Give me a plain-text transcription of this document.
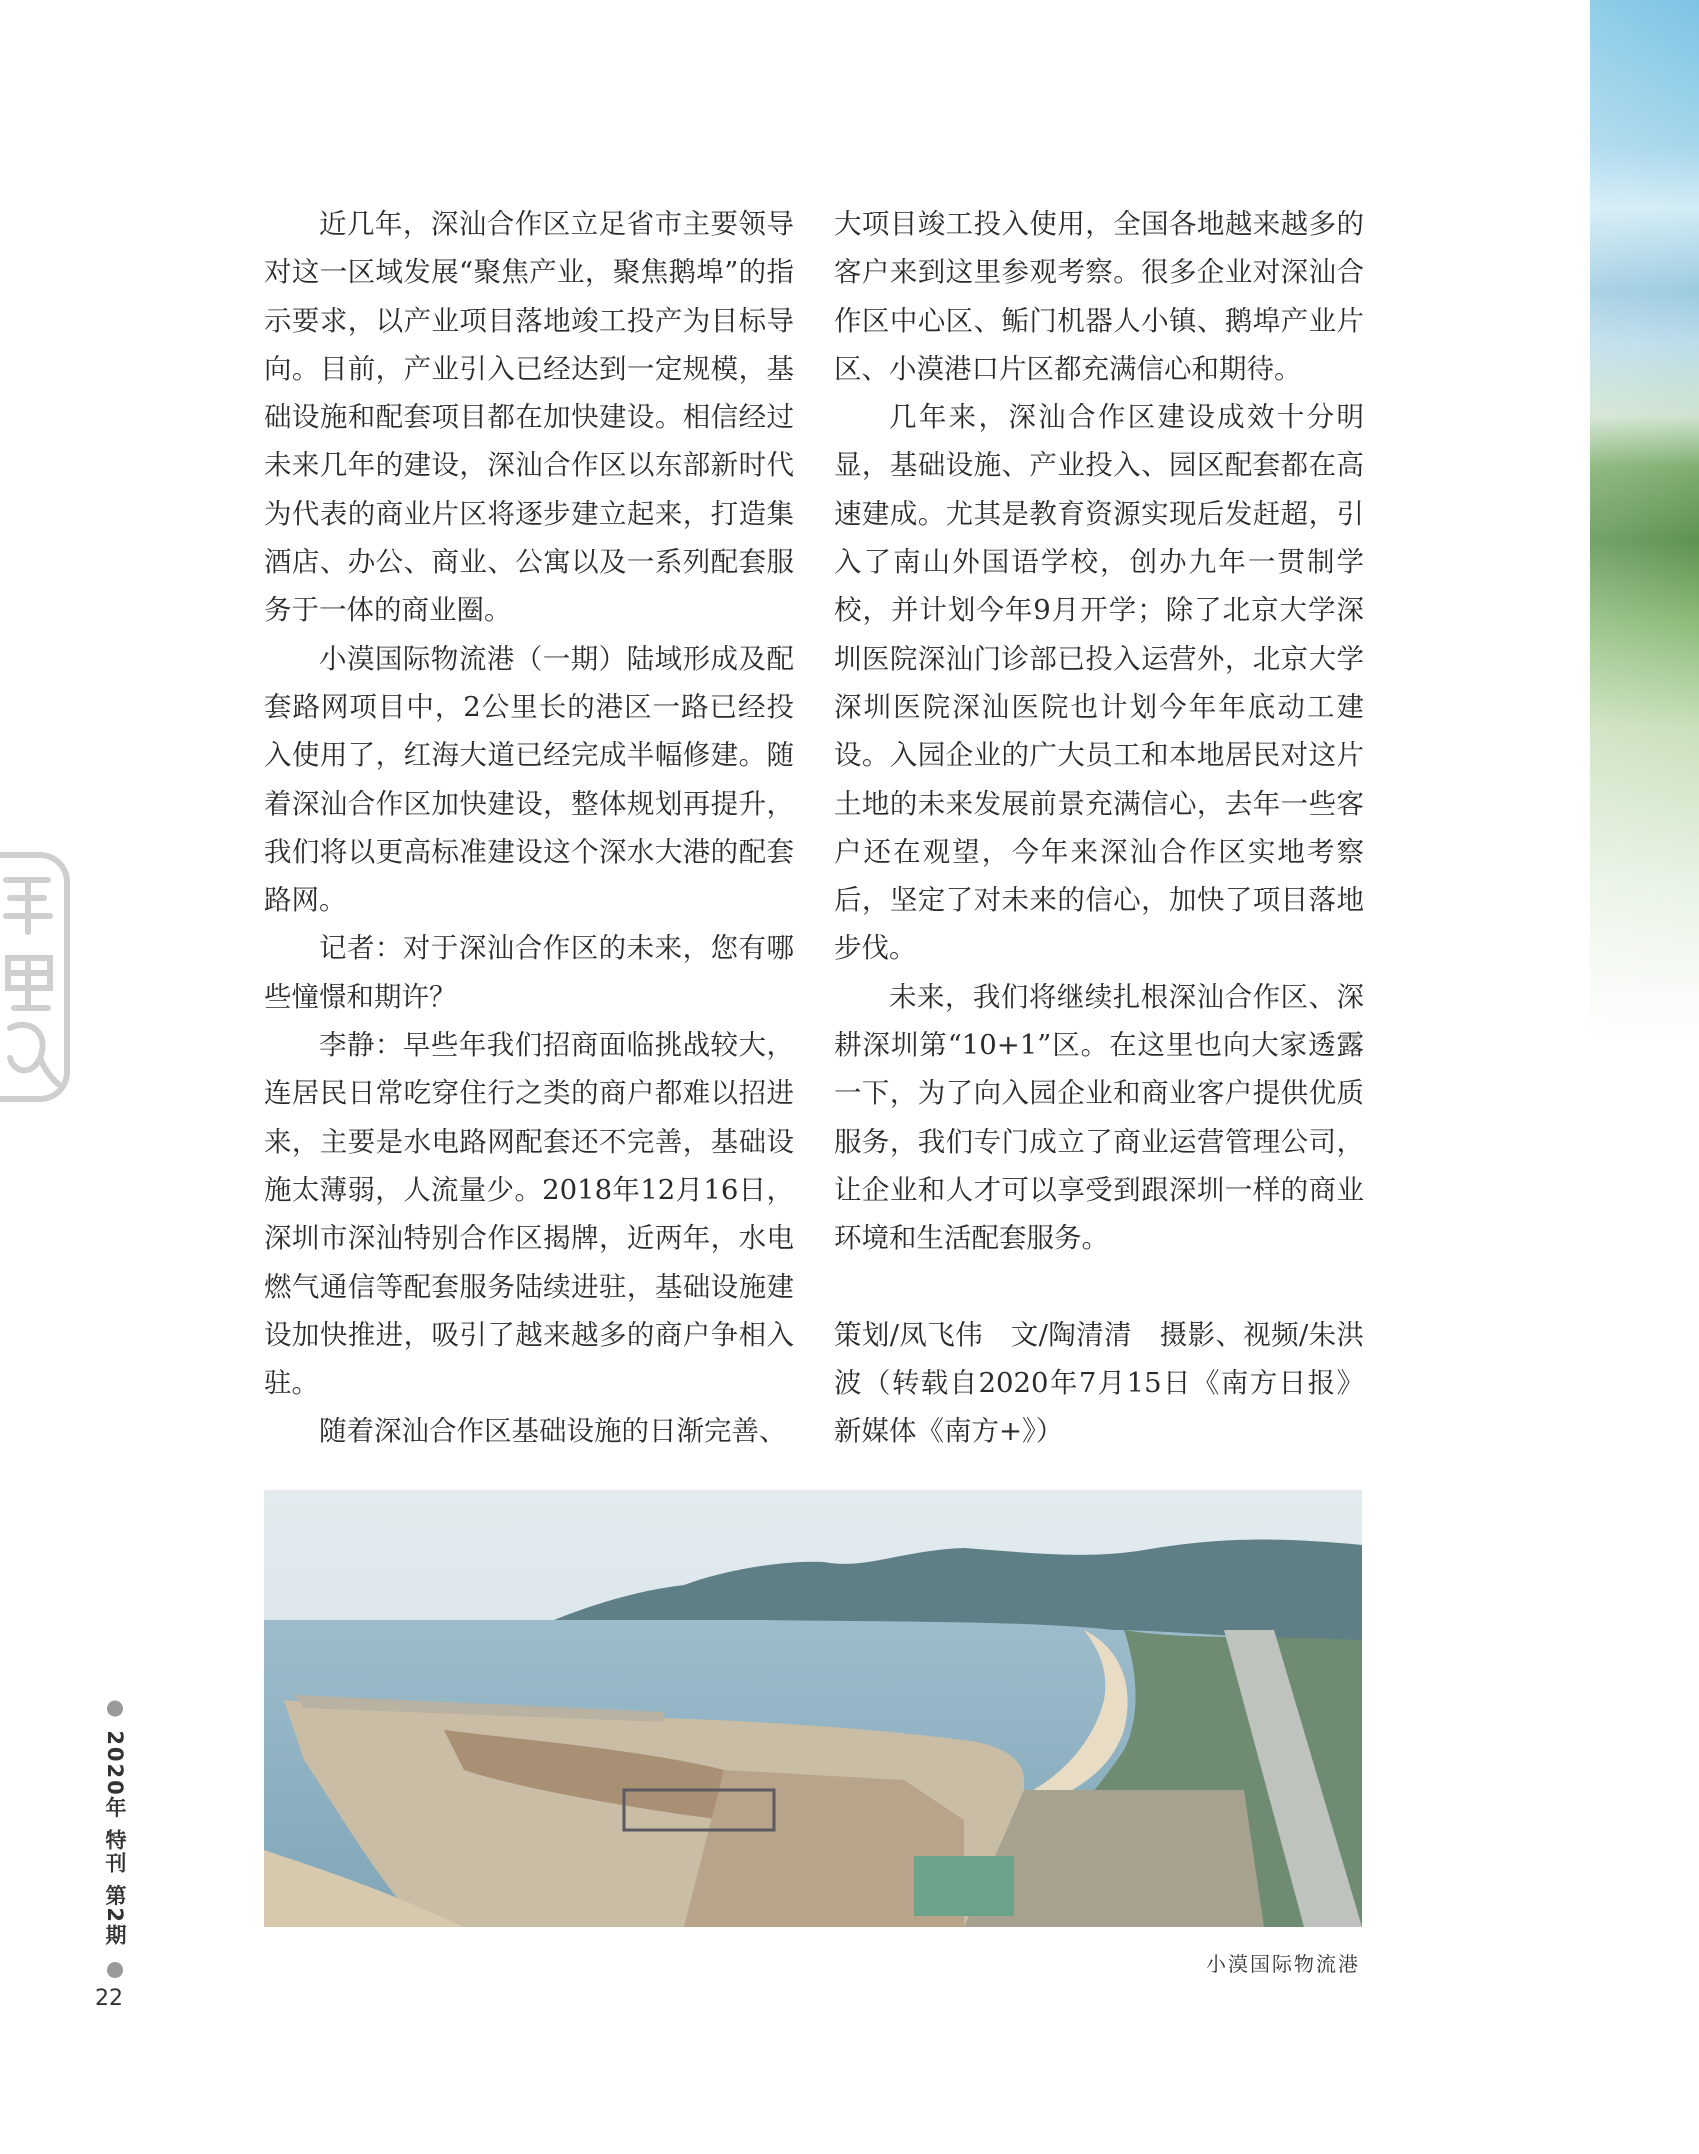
近几年，深汕合作区立足省市主要领导对这一区域发展“聚焦产业，聚焦鹅埠”的指示要求，以产业项目落地竣工投产为目标导向。目前，产业引入已经达到一定规模，基础设施和配套项目都在加快建设。相信经过未来几年的建设，深汕合作区以东部新时代为代表的商业片区将逐步建立起来，打造集酒店、办公、商业、公寓以及一系列配套服务于一体的商业圈。

小漠国际物流港（一期）陆域形成及配套路网项目中，2公里长的港区一路已经投入使用了，红海大道已经完成半幅修建。随着深汕合作区加快建设，整体规划再提升，我们将以更高标准建设这个深水大港的配套路网。

记者：对于深汕合作区的未来，您有哪些憧憬和期许？

李静：早些年我们招商面临挑战较大，连居民日常吃穿住行之类的商户都难以招进来，主要是水电路网配套还不完善，基础设施太薄弱，人流量少。2018年12月16日，深圳市深汕特别合作区揭牌，近两年，水电燃气通信等配套服务陆续进驻，基础设施建设加快推进，吸引了越来越多的商户争相入驻。

随着深汕合作区基础设施的日渐完善、

大项目竣工投入使用，全国各地越来越多的客户来到这里参观考察。很多企业对深汕合作区中心区、鲘门机器人小镇、鹅埠产业片区、小漠港口片区都充满信心和期待。

几年来，深汕合作区建设成效十分明显，基础设施、产业投入、园区配套都在高速建成。尤其是教育资源实现后发赶超，引入了南山外国语学校，创办九年一贯制学校，并计划今年9月开学；除了北京大学深圳医院深汕门诊部已投入运营外，北京大学深圳医院深汕医院也计划今年年底动工建设。入园企业的广大员工和本地居民对这片土地的未来发展前景充满信心，去年一些客户还在观望，今年来深汕合作区实地考察后，坚定了对未来的信心，加快了项目落地步伐。

未来，我们将继续扎根深汕合作区、深耕深圳第“10+1”区。在这里也向大家透露一下，为了向入园企业和商业客户提供优质服务，我们专门成立了商业运营管理公司，让企业和人才可以享受到跟深圳一样的商业环境和生活配套服务。

策划/凤飞伟　文/陶清清　摄影、视频/朱洪波（转载自2020年7月15日《南方日报》新媒体《南方+》）

小漠国际物流港
● 2020年 特刊 第2期 ●
22
